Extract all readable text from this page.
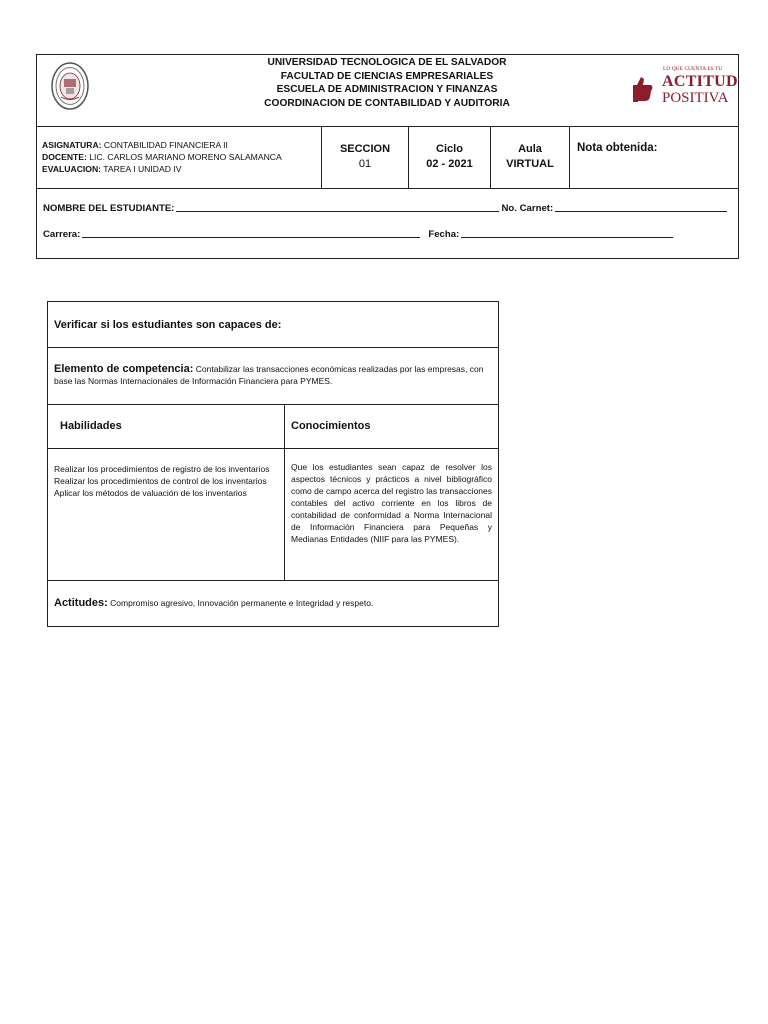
UNIVERSIDAD TECNOLOGICA DE EL SALVADOR
FACULTAD DE CIENCIAS EMPRESARIALES
ESCUELA DE ADMINISTRACION Y FINANZAS
COORDINACION DE CONTABILIDAD Y AUDITORIA
LO QUE CUENTA ES TU
ACTITUD
POSITIVA
ASIGNATURA: CONTABILIDAD FINANCIERA II
DOCENTE: LIC. CARLOS MARIANO MORENO SALAMANCA
EVALUACION: TAREA I UNIDAD IV
SECCION
01
Ciclo
02 - 2021
Aula
VIRTUAL
Nota obtenida:
NOMBRE DEL ESTUDIANTE:	No. Carnet:
Carrera:	Fecha:
Verificar si los estudiantes son capaces de:
Elemento de competencia: Contabilizar las transacciones económicas realizadas por las empresas, con base las Normas Internacionales de Información Financiera para PYMES.
Habilidades	Conocimientos
Realizar los procedimientos de registro de los inventarios
Realizar los procedimientos de control de los inventarios
Aplicar los métodos de valuación de los inventarios
Que los estudiantes sean capaz de resolver los aspectos técnicos y prácticos a nivel bibliográfico como de campo acerca del registro las transacciones contables del activo corriente en los libros de contabilidad de conformidad a Norma Internacional de Información Financiera para Pequeñas y Medianas Entidades (NIIF para las PYMES).
Actitudes: Compromiso agresivo, Innovación permanente e Integridad y respeto.
